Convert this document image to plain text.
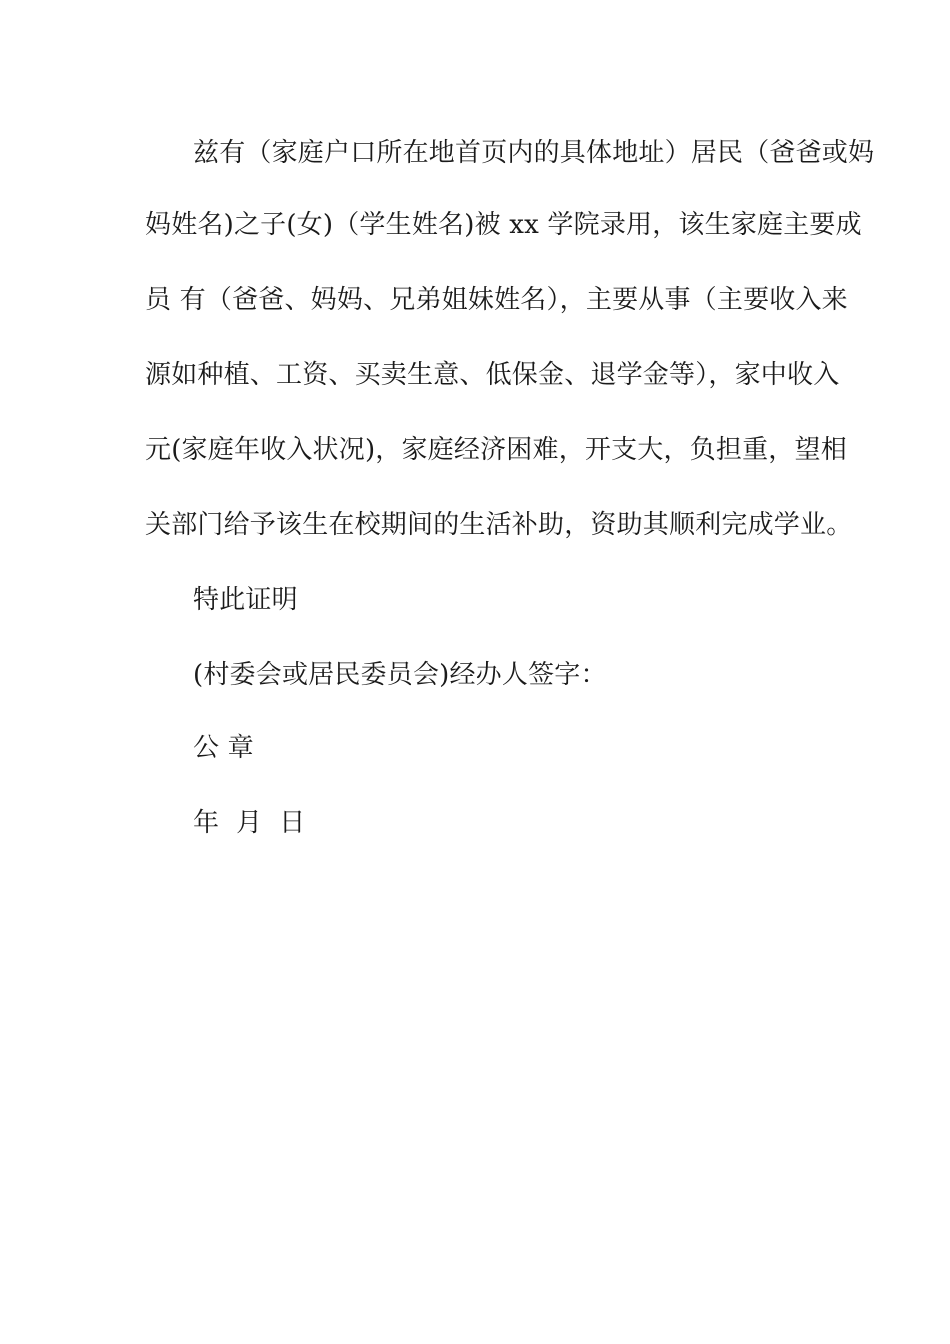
兹有（家庭户口所在地首页内的具体地址）居民（爸爸或妈
妈姓名)之子(女)（学生姓名)被 xx 学院录用，该生家庭主要成
员 有（爸爸、妈妈、兄弟姐妹姓名），主要从事（主要收入来
源如种植、工资、买卖生意、低保金、退学金等），家中收入
元(家庭年收入状况)，家庭经济困难，开支大，负担重，望相
关部门给予该生在校期间的生活补助，资助其顺利完成学业。
特此证明
(村委会或居民委员会)经办人签字：
公 章
年  月  日
